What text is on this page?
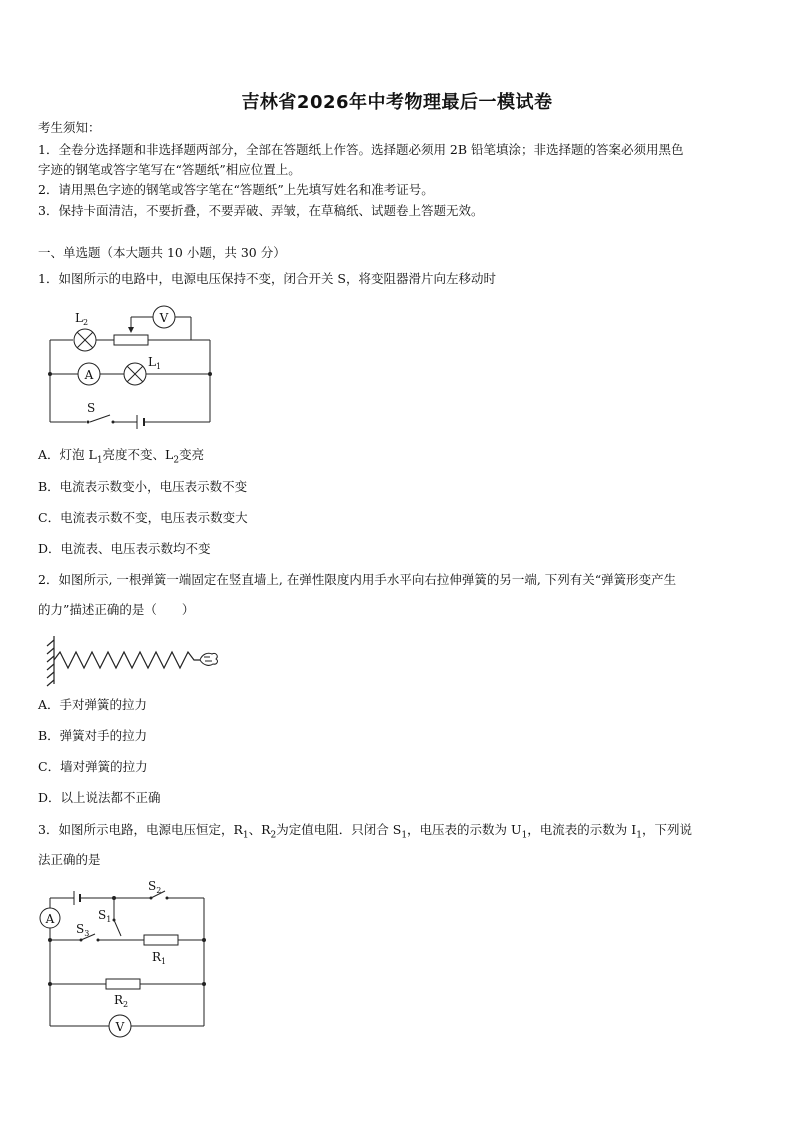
吉林省2026年中考物理最后一模试卷
考生须知：
1．全卷分选择题和非选择题两部分，全部在答题纸上作答。选择题必须用 2B 铅笔填涂；非选择题的答案必须用黑色
字迹的钢笔或答字笔写在“答题纸”相应位置上。
2．请用黑色字迹的钢笔或答字笔在“答题纸”上先填写姓名和准考证号。
3．保持卡面清洁，不要折叠，不要弄破、弄皱，在草稿纸、试题卷上答题无效。
一、单选题（本大题共 10 小题，共 30 分）
1．如图所示的电路中，电源电压保持不变，闭合开关 S，将变阻器滑片向左移动时
V
A
$L_2$
$L_1$
S
A．灯泡 $L_1$亮度不变、$L_2$变亮
B．电流表示数变小，电压表示数不变
C．电流表示数不变，电压表示数变大
D．电流表、电压表示数均不变
2．如图所示, 一根弹簧一端固定在竖直墙上, 在弹性限度内用手水平向右拉伸弹簧的另一端, 下列有关“弹簧形变产生
的力”描述正确的是（　　）
A．手对弹簧的拉力
B．弹簧对手的拉力
C．墙对弹簧的拉力
D．以上说法都不正确
3．如图所示电路，电源电压恒定，$R_1$、$R_2$为定值电阻．只闭合 $S_1$，电压表的示数为 $U_1$，电流表的示数为 $I_1$，下列说
法正确的是
A
V
$S_2$
$S_1$
$S_3$
$R_1$
$R_2$
